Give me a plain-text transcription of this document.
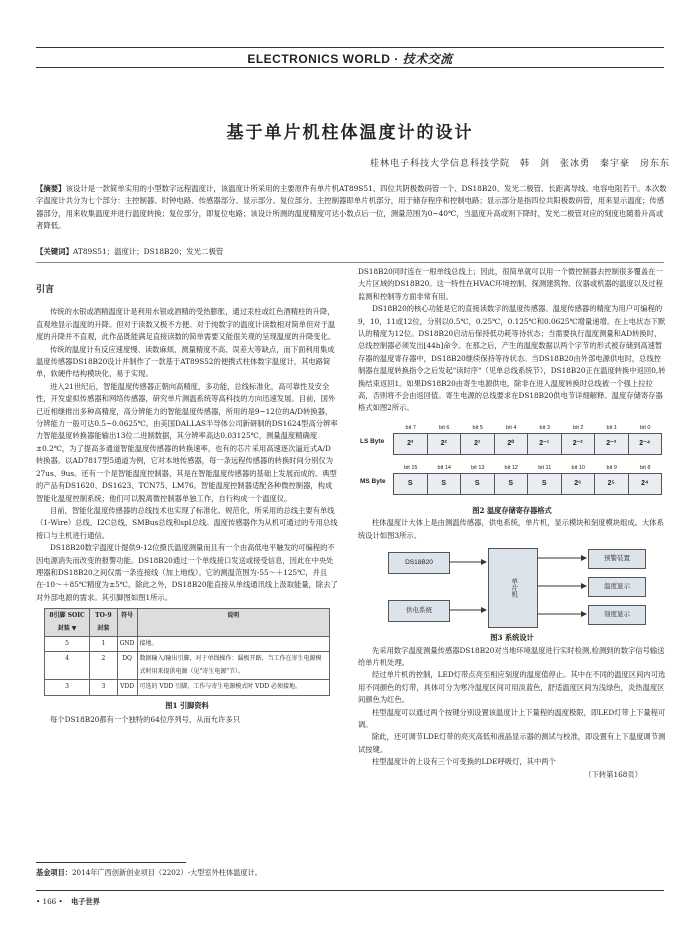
ELECTRONICS WORLD · 技术交流
基于单片机柱体温度计的设计
桂林电子科技大学信息科技学院　韩　剑　张冰勇　秦宇豪　房东东
【摘要】该设计是一款简单实用的小型数字远程温度计，该温度计所采用的主要原件有单片机AT89S51、四位共阴极数码管一个、DS18B20、发光二极管、长距离导线、电容电阻若干。本次数字温度计共分为七个部分：主控制器、时钟电路、传感器部分、显示部分、复位部分。主控制器即单片机部分，用于储存程序和控制电路；显示部分是指四位共阳极数码管，用来显示温度；传感器部分，用来收集温度并进行温度转换；复位部分，即复位电路；该设计所测的温度精度可达小数点后一位，测量范围为0~40℃，当温度升高或则下降时，发光二极管对应的刻度也随着升高或者降低。
【关键词】AT89S51；温度计；DS18B20；发光二极管
引言

传统的水银或酒精温度计是利用水银或酒精的受热膨胀，通过汞柱或红色酒精柱的升降，直观地显示温度的升降。但对于读数又极不方便。对于纯数字的温度计读数相对简单但对于温度的升降并不直观，此作品既能满足直接读数的简单需要又能很关观的呈现温度的升降变化。

传统的温度计有反应速度慢、读数麻烦、测量精度不高、误差大等缺点，而下面利用集成温度传感器DS18B20设计并制作了一款基于AT89S52的便携式柱体数字温度计，其电路简单，软硬件结构模块化，易于实现。

进入21世纪后，智能温度传感器正朝向高精度，多功能，总线标准化，高可靠性及安全性，开发虚拟传感器和网络传感器，研究单片测温系统等高科技的方向迅速发展。目前，国外已近相继推出多种高精度，高分辨能力的智能温度传感器，所用的是9~12位的A/D转换器，分辨能力一般可达0.5~0.0625℃。由美国DALLAS半导体公司新研制的DS1624型高分辨率力智能温度转换器能输出13位二进制数据，其分辨率高达0.03125℃，测量温度精确度±0.2℃，为了提高多通道智能温度传感器的转换速率，也有的芯片采用高速逐次逼近式A/D转换器。以AD7817型5通道为例，它对本地传感器，每一条远程传感器的转换时间分别仅为27us、9us。还有一个是智能温度控制器，其是在智能温度传感器的基础上发展而成的。典型的产品有DS1620、DS1623、TCN75、LM76。智能温度控制器适配各种微控制器，构成智能化温度控制系统；他们可以脱离微控制器单独工作，自行构成一个温度仪。

目前，智能化温度传感器的总线技术也实现了标准化、规范化，所采用的总线主要有单线（1-Wire）总线、I2C总线、SMBus总线和spI总线。温度传感器作为从机可通过的专用总线接口与主机进行通信。

DS18B20数字温度计提供9-12位摄氏温度测量而且有一个由高低电平触发的可编程的不因电源消失而改变的报警功能。DS18B20通过一个单线接口发送或接受信息，因此在中央处理器和DS18B20之间仅需一条连接线（加上地线）。它的测温范围为-55～＋125℃，并且在-10～＋85℃精度为±5℃。除此之外，DS18B20能直接从单线通讯线上汲取能量，除去了对外部电源的需求。其引脚图如图1所示。

8引脚 SOIC封装 ▼	TO-9封装	符号	说明
5	1	GND	接地。
4	2	DQ	数据输入/输出引脚，对于单线操作：漏极开路，当工作在寄生电源模式时用来提供电源（见"寄生电源"节）。
3	3	VDD	可选的 VDD 引脚，工作与寄生电源模式时 VDD 必须接地。
图1 引脚资料

每个DS18B20都有一个独特的64位序列号，从而允许多只

DS18B20同时连在一根单线总线上；因此，很简单就可以用一个微控制器去控制很多覆盖在一大片区域的DS18B20。这一特性在HVAC环境控制、探测建筑物、仪器或机器的温度以及过程监测和控制等方面非常有用。

DS18B20的核心功能是它的直接读数字的温度传感器。温度传感器的精度为用户可编程的9，10，11或12位，分别以0.5℃，0.25℃，0.125℃和0.0625℃增量递增。在上电状态下默认的精度为12位。DS18B20启动后保持低功耗等待状态；当需要执行温度测量和AD转换时，总线控制器必须发出[44h]命令。在那之后，产生的温度数据以两个字节的形式被存储到高速暂存器的温度寄存器中，DS18B20继续保持等待状态。当DS18B20由外部电源供电时，总线控制器在温度转换指令之后发起"读时序"（见单总线系统节），DS18B20正在温度转换中返回0,转换结束返回1。如果DS18B20由寄生电源供电，除非在进入温度转换时总线被一个强上拉拉高，否则将不会由返回值。寄生电源的总线要求在DS18B20供电节详细解释。温度存储寄存器格式如图2所示。

LS Byte
MS Byte
bit 7	bit 6	bit 5	bit 4	bit 3	bit 2	bit 1	bit 0
2³	2²	2¹	2⁰	2⁻¹	2⁻²	2⁻³	2⁻⁴
bit 15	bit 14	bit 13	bit 12	bit 11	bit 10	bit 9	bit 8
S	S	S	S	S	2⁶	2⁵	2⁴
图2 温度存储寄存器格式

柱体温度计大体上是由测温传感器，供电系统，单片机，显示模块和刻度模块组成。大体系统设计如图3所示。

DS18B20
单片机
供电系统
预警装置
温度显示
刻度显示
图3 系统设计

先采用数字温度测量传感器DS18B20对当地环境温度进行实时检测,检测到的数字信号输送给单片机处理。

经过单片机的控制，LED灯带点亮至相应刻度的温度值停止。其中在不同的温度区间内可选用不同颜色的灯带，具体可分为寒冷温度区间可用淡蓝色，舒适温度区间为浅绿色，炎热温度区间颜色为红色。

柱型温度可以通过两个按键分别设置该温度计上下量程的温度极限，即LED灯带上下量程可调。

除此，还可调节LDE灯带的亮灭高低和液晶显示器的测试与校准，即设置有上下温度调节测试按键。

柱型温度计的上设有三个可变换的LDE呼吸灯，其中两个

（下转第168页）
基金项目：2014年广西创新创业项目（2202）-大型室外柱体温度计。
• 166 • 电子世界
